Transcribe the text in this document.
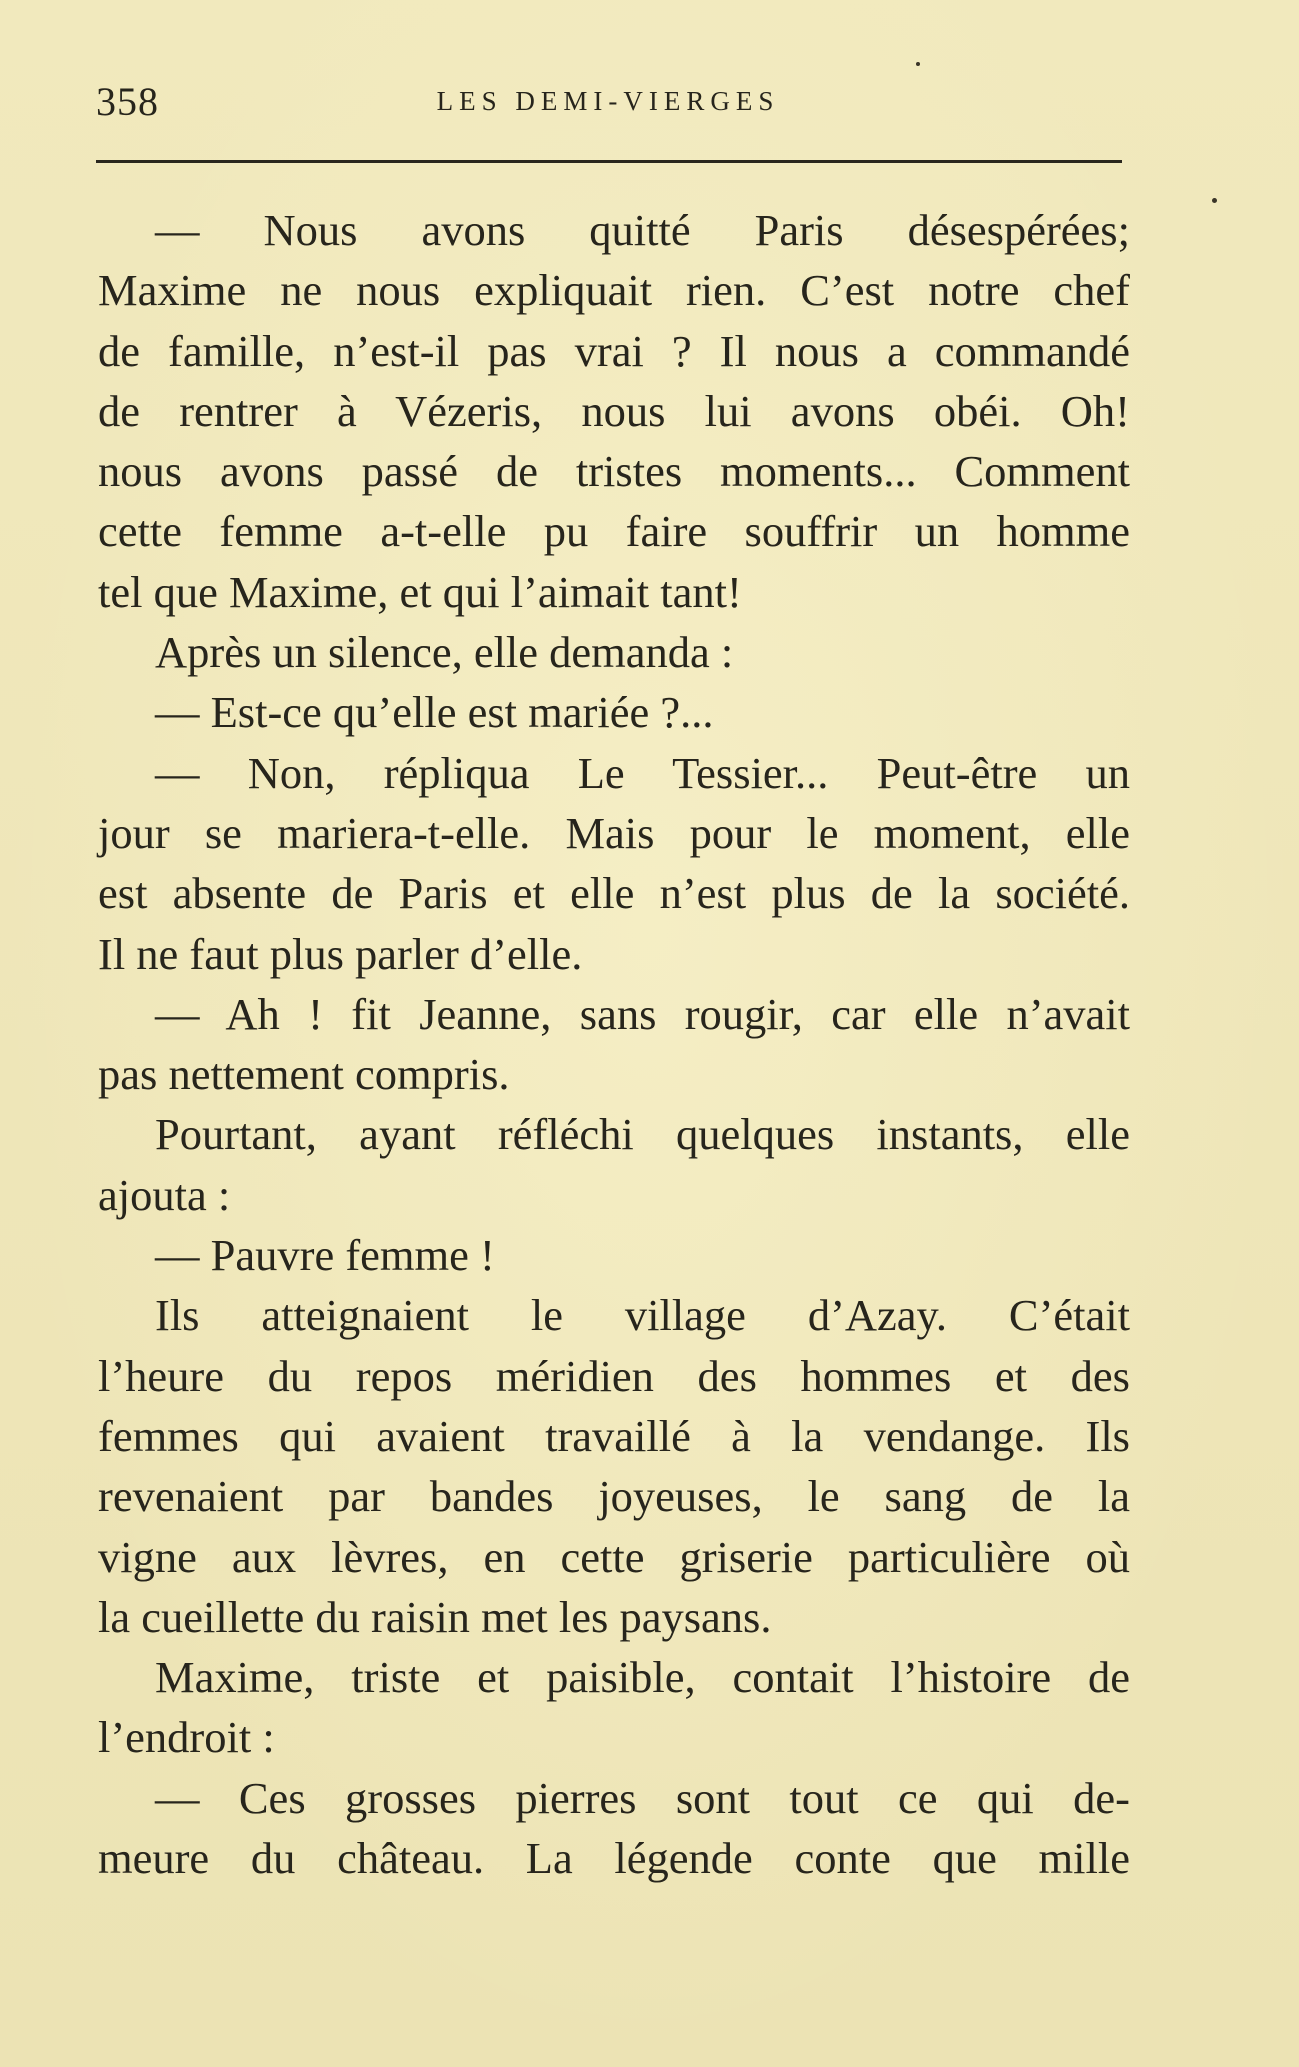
358	LES DEMI-VIERGES
— Nous avons quitté Paris désespérées;
Maxime ne nous expliquait rien. C’est notre chef
de famille, n’est-il pas vrai ? Il nous a commandé
de rentrer à Vézeris, nous lui avons obéi. Oh!
nous avons passé de tristes moments... Comment
cette femme a-t-elle pu faire souffrir un homme
tel que Maxime, et qui l’aimait tant!
Après un silence, elle demanda :
— Est-ce qu’elle est mariée ?...
— Non, répliqua Le Tessier... Peut-être un
jour se mariera-t-elle. Mais pour le moment, elle
est absente de Paris et elle n’est plus de la société.
Il ne faut plus parler d’elle.
— Ah ! fit Jeanne, sans rougir, car elle n’avait
pas nettement compris.
Pourtant, ayant réfléchi quelques instants, elle
ajouta :
— Pauvre femme !
Ils atteignaient le village d’Azay. C’était
l’heure du repos méridien des hommes et des
femmes qui avaient travaillé à la vendange. Ils
revenaient par bandes joyeuses, le sang de la
vigne aux lèvres, en cette griserie particulière où
la cueillette du raisin met les paysans.
Maxime, triste et paisible, contait l’histoire de
l’endroit :
— Ces grosses pierres sont tout ce qui de-
meure du château. La légende conte que mille
